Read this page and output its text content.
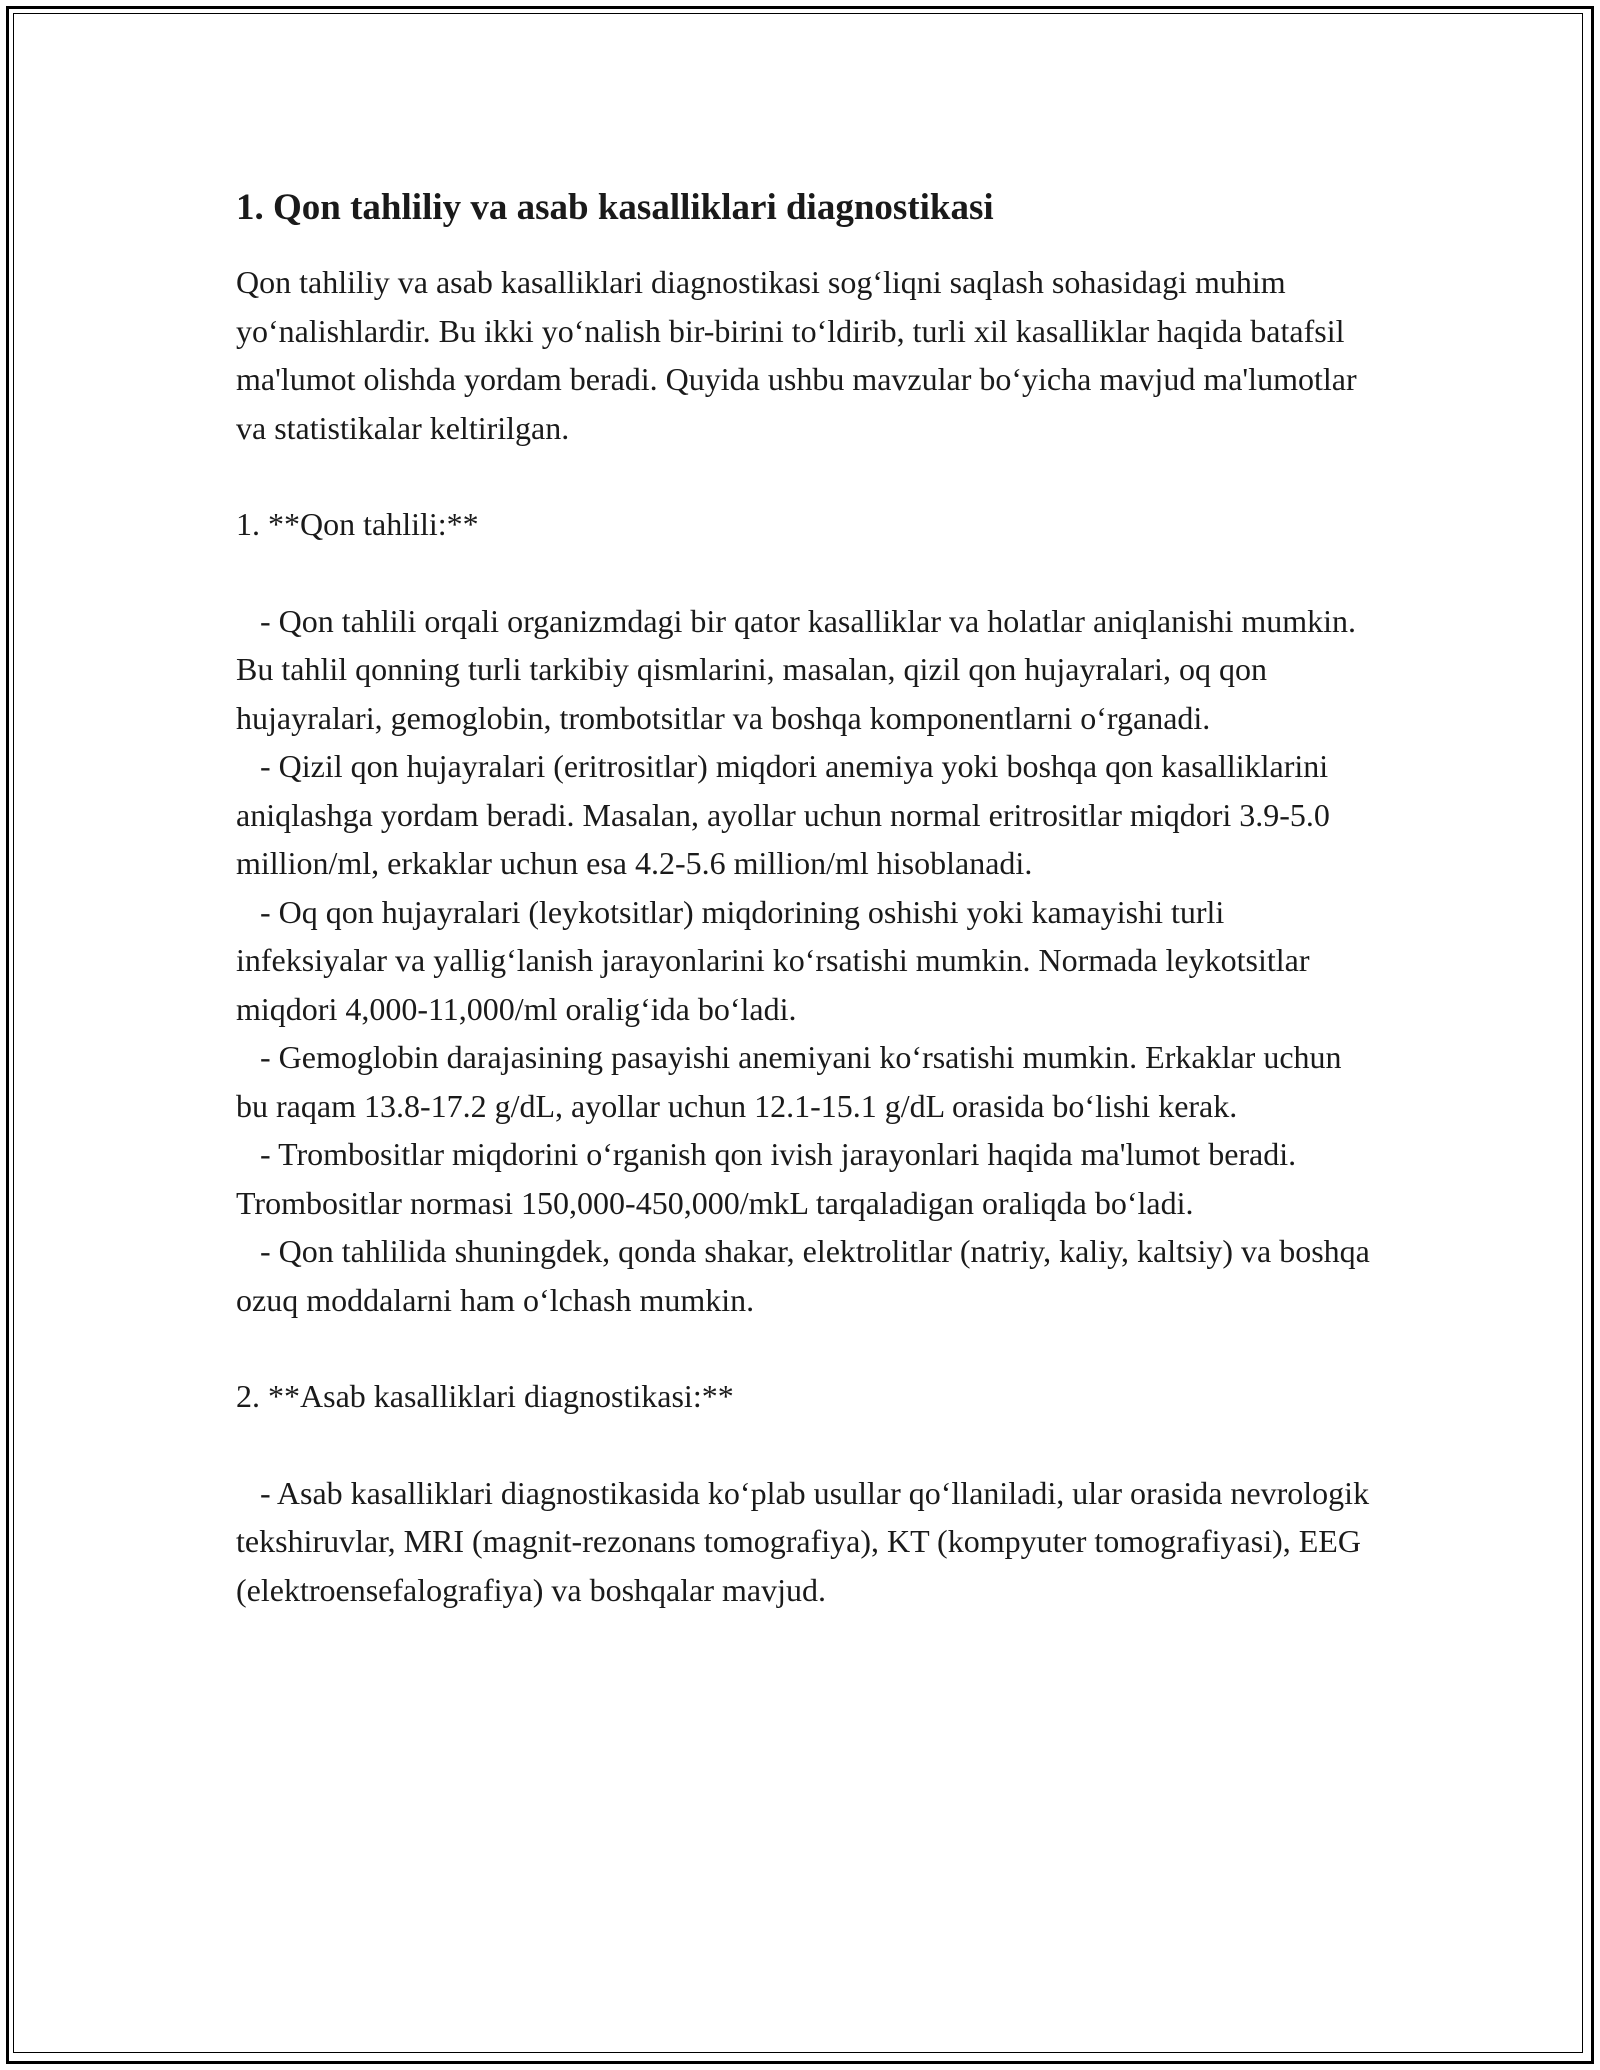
1. Qon tahliliy va asab kasalliklari diagnostikasi

Qon tahliliy va asab kasalliklari diagnostikasi sog‘liqni saqlash sohasidagi muhim yo‘nalishlardir. Bu ikki yo‘nalish bir-birini to‘ldirib, turli xil kasalliklar haqida batafsil ma'lumot olishda yordam beradi. Quyida ushbu mavzular bo‘yicha mavjud ma'lumotlar va statistikalar keltirilgan.

1. **Qon tahlili:**

- Qon tahlili orqali organizmdagi bir qator kasalliklar va holatlar aniqlanishi mumkin. Bu tahlil qonning turli tarkibiy qismlarini, masalan, qizil qon hujayralari, oq qon hujayralari, gemoglobin, trombotsitlar va boshqa komponentlarni o‘rganadi.
- Qizil qon hujayralari (eritrositlar) miqdori anemiya yoki boshqa qon kasalliklarini aniqlashga yordam beradi. Masalan, ayollar uchun normal eritrositlar miqdori 3.9-5.0 million/ml, erkaklar uchun esa 4.2-5.6 million/ml hisoblanadi.
- Oq qon hujayralari (leykotsitlar) miqdorining oshishi yoki kamayishi turli infeksiyalar va yallig‘lanish jarayonlarini ko‘rsatishi mumkin. Normada leykotsitlar miqdori 4,000-11,000/ml oralig‘ida bo‘ladi.
- Gemoglobin darajasining pasayishi anemiyani ko‘rsatishi mumkin. Erkaklar uchun bu raqam 13.8-17.2 g/dL, ayollar uchun 12.1-15.1 g/dL orasida bo‘lishi kerak.
- Trombositlar miqdorini o‘rganish qon ivish jarayonlari haqida ma'lumot beradi. Trombositlar normasi 150,000-450,000/mkL tarqaladigan oraliqda bo‘ladi.
- Qon tahlilida shuningdek, qonda shakar, elektrolitlar (natriy, kaliy, kaltsiy) va boshqa ozuq moddalarni ham o‘lchash mumkin.

2. **Asab kasalliklari diagnostikasi:**

- Asab kasalliklari diagnostikasida ko‘plab usullar qo‘llaniladi, ular orasida nevrologik tekshiruvlar, MRI (magnit-rezonans tomografiya), KT (kompyuter tomografiyasi), EEG (elektroensefalografiya) va boshqalar mavjud.
